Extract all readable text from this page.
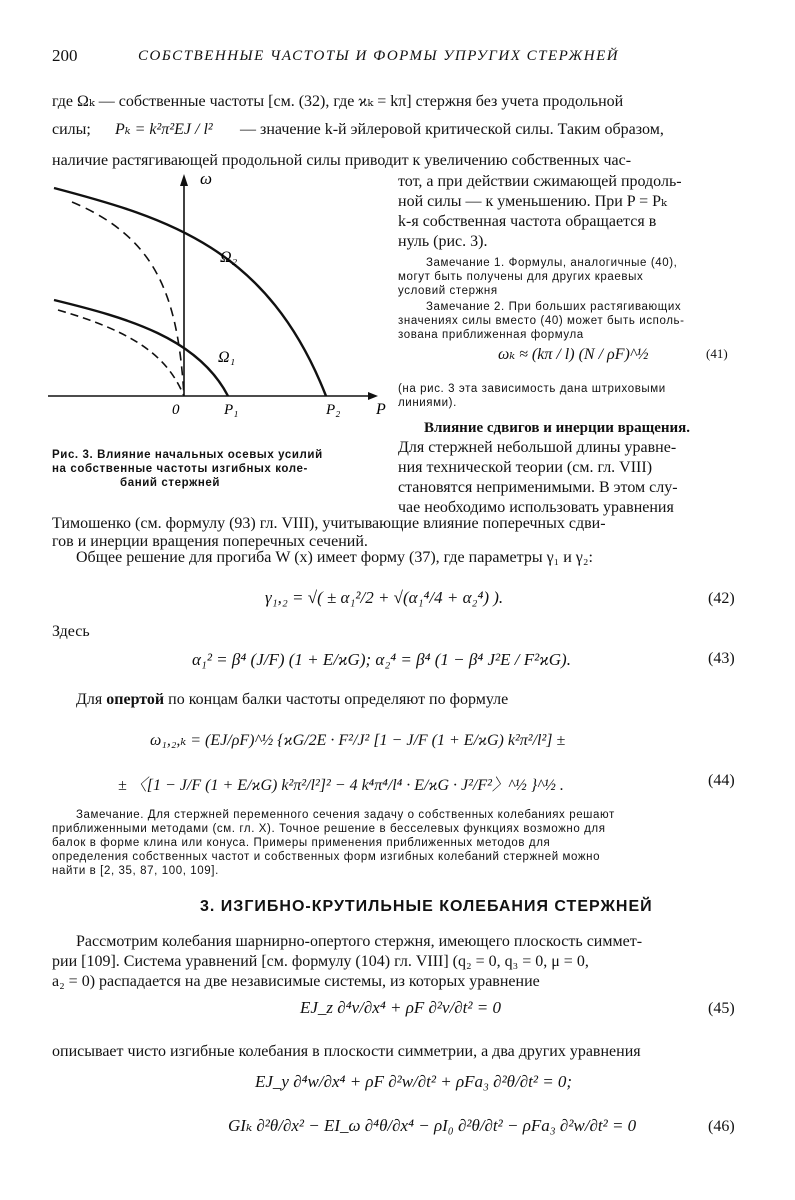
200	СОБСТВЕННЫЕ ЧАСТОТЫ И ФОРМЫ УПРУГИХ СТЕРЖНЕЙ
где Ωₖ — собственные частоты [см. (32), где ϰₖ = kπ] стержня без учета продольной
силы; Pₖ = k²π²EJ / l² — значение k-й эйлеровой критической силы. Таким образом,
наличие растягивающей продольной силы приводит к увеличению собственных час-
тот, а при действии сжимающей продоль-
ной силы — к уменьшению. При P = Pₖ
k-я собственная частота обращается в
нуль (рис. 3).
ω
P
Ω₂
Ω₁
0	P₁	P₂
Рис. 3. Влияние начальных осевых усилий
на собственные частоты изгибных коле-
баний стержней
Замечание 1. Формулы, аналогичные (40),
могут быть получены для других краевых
условий стержня
Замечание 2. При больших растягивающих
значениях силы вместо (40) может быть исполь-
зована приближенная формула
ωₖ ≈ (kπ / l) (N / ρF)^½	(41)
(на рис. 3 эта зависимость дана штриховыми
линиями).
Влияние сдвигов и инерции вращения.
Для стержней небольшой длины уравне-
ния технической теории (см. гл. VIII)
становятся неприменимыми. В этом слу-
чае необходимо использовать уравнения
Тимошенко (см. формулу (93) гл. VIII), учитывающие влияние поперечных сдви-
гов и инерции вращения поперечных сечений.
Общее решение для прогиба W (x) имеет форму (37), где параметры γ₁ и γ₂:
γ₁,₂ = √( ± α₁²/2 + √(α₁⁴/4 + α₂⁴) ).	(42)
Здесь
α₁² = β⁴ (J/F) (1 + E/ϰG); α₂⁴ = β⁴ (1 − β⁴ J²E / F²ϰG).	(43)
Для опертой по концам балки частоты определяют по формуле
ω₁,₂,ₖ = (EJ/ρF)^½ {ϰG/2E · F²/J² [1 − J/F (1 + E/ϰG) k²π²/l²] ±
± 〈[1 − J/F (1 + E/ϰG) k²π²/l²]² − 4 k⁴π⁴/l⁴ · E/ϰG · J²/F²〉^½ }^½ .	(44)
Замечание. Для стержней переменного сечения задачу о собственных колебаниях решают
приближенными методами (см. гл. X). Точное решение в бесселевых функциях возможно для
балок в форме клина или конуса. Примеры применения приближенных методов для
определения собственных частот и собственных форм изгибных колебаний стержней можно
найти в [2, 35, 87, 100, 109].
3. ИЗГИБНО-КРУТИЛЬНЫЕ КОЛЕБАНИЯ СТЕРЖНЕЙ
Рассмотрим колебания шарнирно-опертого стержня, имеющего плоскость симмет-
рии [109]. Система уравнений [см. формулу (104) гл. VIII] (q₂ = 0, q₃ = 0, μ = 0,
a₂ = 0) распадается на две независимые системы, из которых уравнение
EJ_z ∂⁴v/∂x⁴ + ρF ∂²v/∂t² = 0	(45)
описывает чисто изгибные колебания в плоскости симметрии, а два других уравнения
EJ_y ∂⁴w/∂x⁴ + ρF ∂²w/∂t² + ρFa₃ ∂²θ/∂t² = 0;
GIₖ ∂²θ/∂x² − EI_ω ∂⁴θ/∂x⁴ − ρI₀ ∂²θ/∂t² − ρFa₃ ∂²w/∂t² = 0	(46)
